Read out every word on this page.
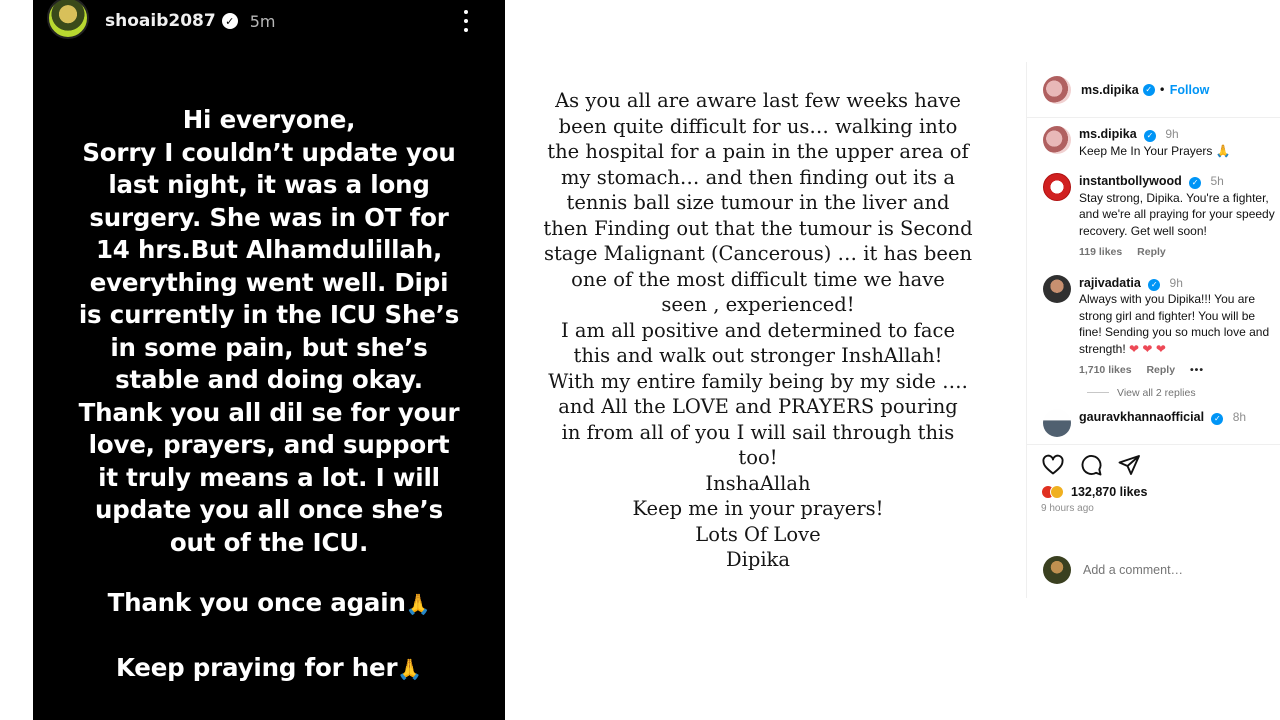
shoaib2087 ✓ 5m
Hi everyone,
Sorry I couldn’t update you
last night, it was a long
surgery. She was in OT for
14 hrs.But Alhamdulillah,
everything went well. Dipi
is currently in the ICU She’s
in some pain, but she’s
stable and doing okay.
Thank you all dil se for your
love, prayers, and support
it truly means a lot. I will
update you all once she’s
out of the ICU.
Thank you once again🙏
Keep praying for her🙏
As you all are aware last few weeks have
been quite difficult for us… walking into
the hospital for a pain in the upper area of
my stomach… and then finding out its a
tennis ball size tumour in the liver and
then Finding out that the tumour is Second
stage Malignant (Cancerous) … it has been
one of the most difficult time we have
seen , experienced!
I am all positive and determined to face
this and walk out stronger InshAllah!
With my entire family being by my side ….
and All the LOVE and PRAYERS pouring
in from all of you I will sail through this
too!
InshaAllah
Keep me in your prayers!
Lots Of Love
Dipika
ms.dipika ✓ • Follow
ms.dipika ✓ 9h
Keep Me In Your Prayers 🙏
instantbollywood ✓ 5h
Stay strong, Dipika. You're a fighter, and we're all praying for your speedy recovery. Get well soon!
119 likes Reply
rajivadatia ✓ 9h
Always with you Dipika!!! You are strong girl and fighter! You will be fine! Sending you so much love and strength! ❤ ❤ ❤
1,710 likes Reply •••
View all 2 replies
gauravkhannaofficial ✓ 8h
132,870 likes
9 hours ago
Add a comment…
